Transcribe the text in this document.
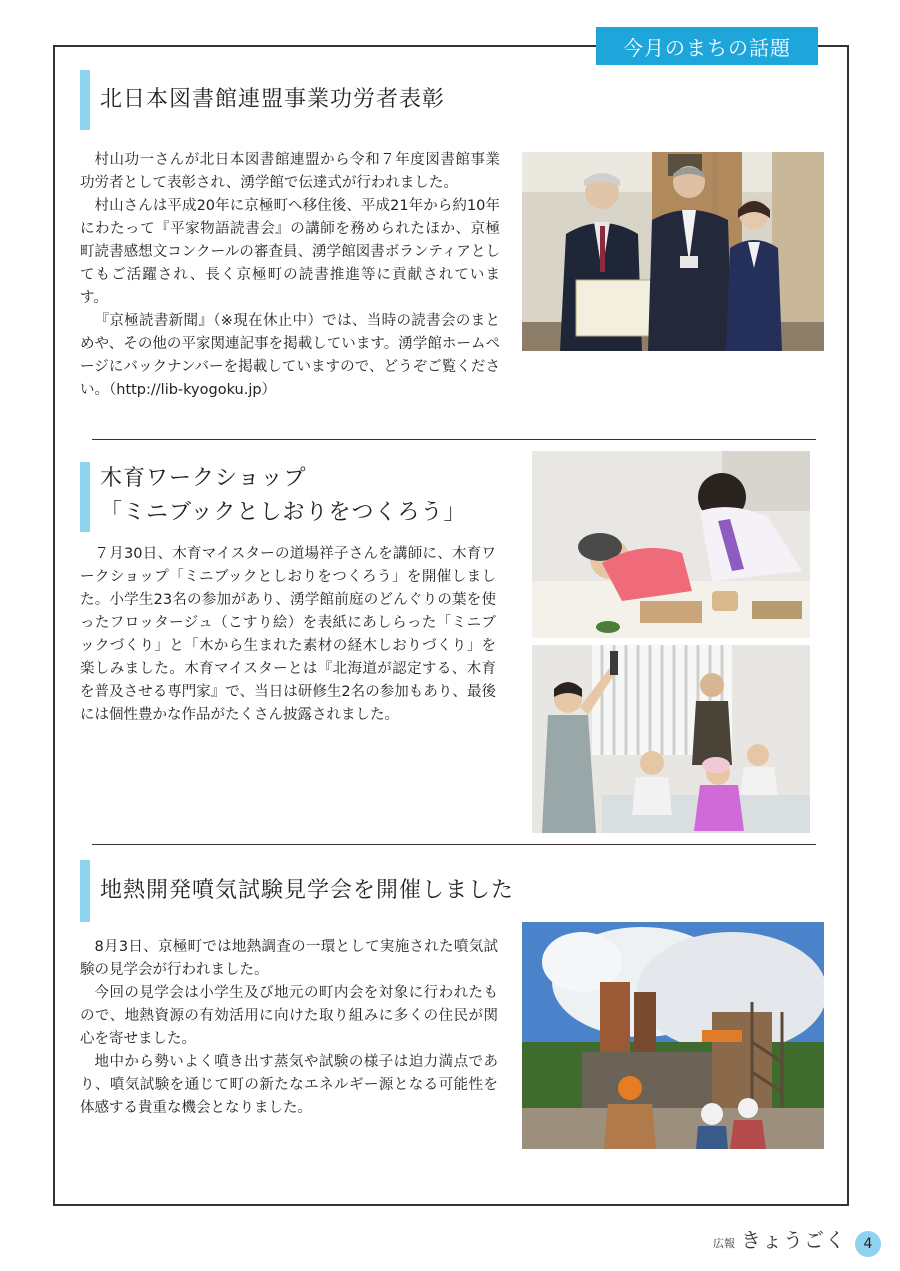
今月のまちの話題
北日本図書館連盟事業功労者表彰

村山功一さんが北日本図書館連盟から令和７年度図書館事業功労者として表彰され、湧学館で伝達式が行われました。

村山さんは平成20年に京極町へ移住後、平成21年から約10年にわたって『平家物語読書会』の講師を務められたほか、京極町読書感想文コンクールの審査員、湧学館図書ボランティアとしてもご活躍され、長く京極町の読書推進等に貢献されています。

『京極読書新聞』（※現在休止中）では、当時の読書会のまとめや、その他の平家関連記事を掲載しています。湧学館ホームページにバックナンバーを掲載していますので、どうぞご覧ください。（http://lib-kyogoku.jp）

木育ワークショップ
「ミニブックとしおりをつくろう」

７月30日、木育マイスターの道場祥子さんを講師に、木育ワークショップ「ミニブックとしおりをつくろう」を開催しました。小学生23名の参加があり、湧学館前庭のどんぐりの葉を使ったフロッタージュ（こすり絵）を表紙にあしらった「ミニブックづくり」と「木から生まれた素材の経木しおりづくり」を楽しみました。木育マイスターとは『北海道が認定する、木育を普及させる専門家』で、当日は研修生2名の参加もあり、最後には個性豊かな作品がたくさん披露されました。

地熱開発噴気試験見学会を開催しました

8月3日、京極町では地熱調査の一環として実施された噴気試験の見学会が行われました。

今回の見学会は小学生及び地元の町内会を対象に行われたもので、地熱資源の有効活用に向けた取り組みに多くの住民が関心を寄せました。

地中から勢いよく噴き出す蒸気や試験の様子は迫力満点であり、噴気試験を通じて町の新たなエネルギー源となる可能性を体感する貴重な機会となりました。

広報 きょうごく	4
